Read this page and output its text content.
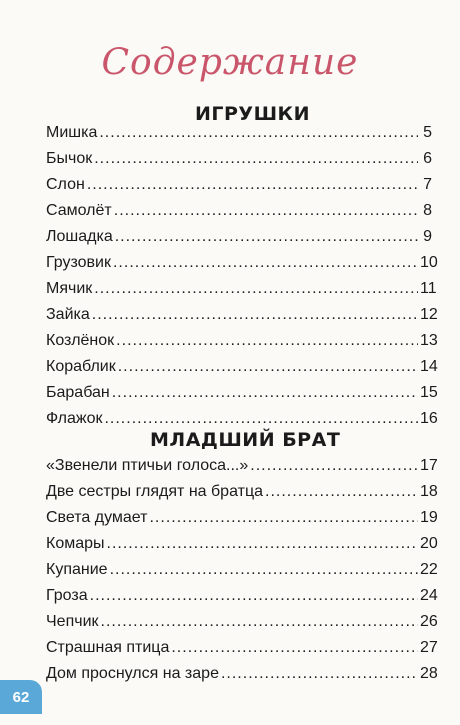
Содержание
ИГРУШКИ
Мишка .....	5
Бычок .....	6
Слон .....	7
Самолёт .....	8
Лошадка .....	9
Грузовик .....	10
Мячик .....	11
Зайка .....	12
Козлёнок .....	13
Кораблик .....	14
Барабан .....	15
Флажок .....	16
МЛАДШИЙ БРАТ
«Звенели птичьи голоса...» .....	17
Две сестры глядят на братца .....	18
Света думает .....	19
Комары .....	20
Купание .....	22
Гроза .....	24
Чепчик .....	26
Страшная птица .....	27
Дом проснулся на заре .....	28
62
